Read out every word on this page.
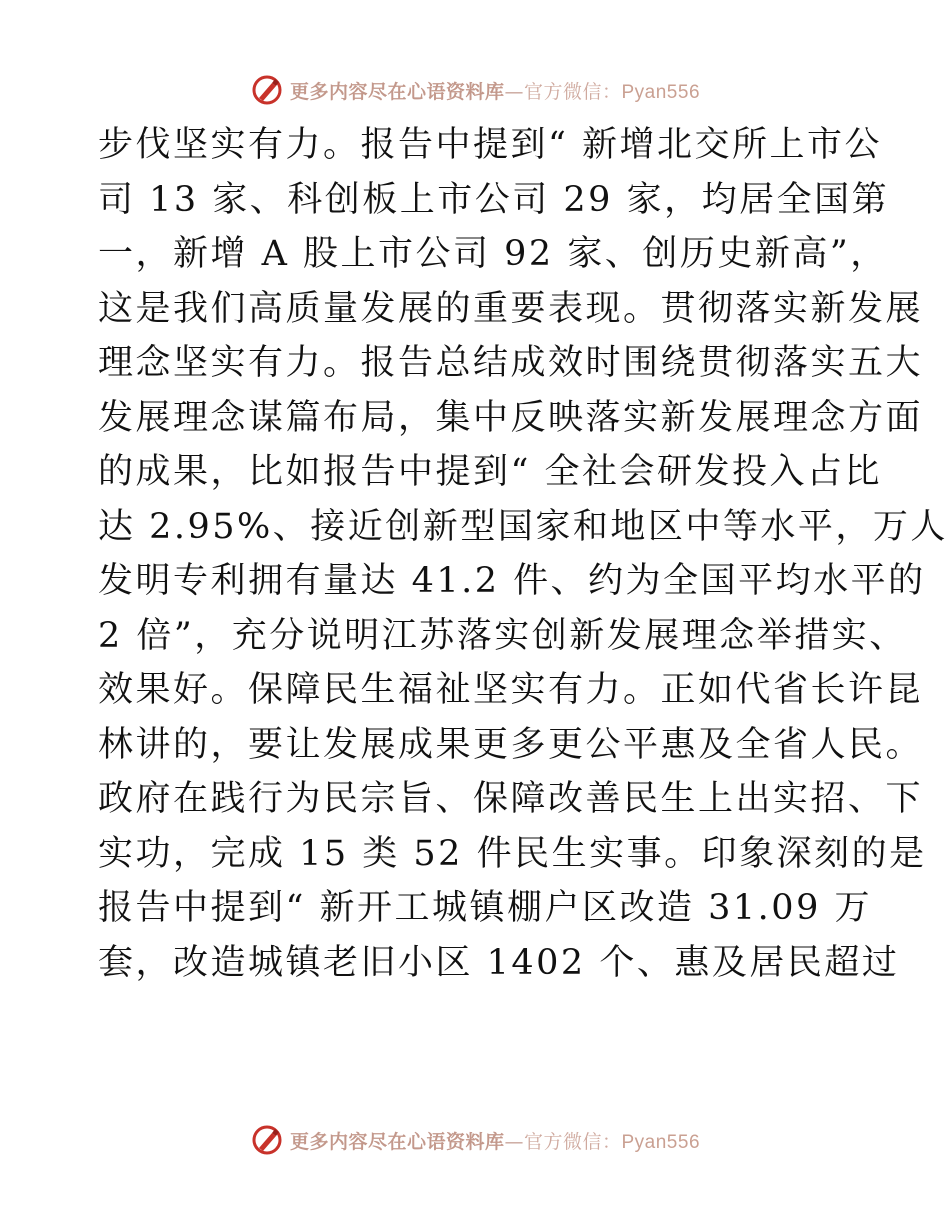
更多内容尽在心语资料库—官方微信：Pyan556
步伐坚实有力。报告中提到“ 新增北交所上市公
司 13 家、科创板上市公司 29 家，均居全国第
一，新增 A 股上市公司 92 家、创历史新高”，
这是我们高质量发展的重要表现。贯彻落实新发展
理念坚实有力。报告总结成效时围绕贯彻落实五大
发展理念谋篇布局，集中反映落实新发展理念方面
的成果，比如报告中提到“ 全社会研发投入占比
达 2.95%、接近创新型国家和地区中等水平，万人
发明专利拥有量达 41.2 件、约为全国平均水平的
2 倍”，充分说明江苏落实创新发展理念举措实、
效果好。保障民生福祉坚实有力。正如代省长许昆
林讲的，要让发展成果更多更公平惠及全省人民。
政府在践行为民宗旨、保障改善民生上出实招、下
实功，完成 15 类 52 件民生实事。印象深刻的是
报告中提到“ 新开工城镇棚户区改造 31.09 万
套，改造城镇老旧小区 1402 个、惠及居民超过
更多内容尽在心语资料库—官方微信：Pyan556
